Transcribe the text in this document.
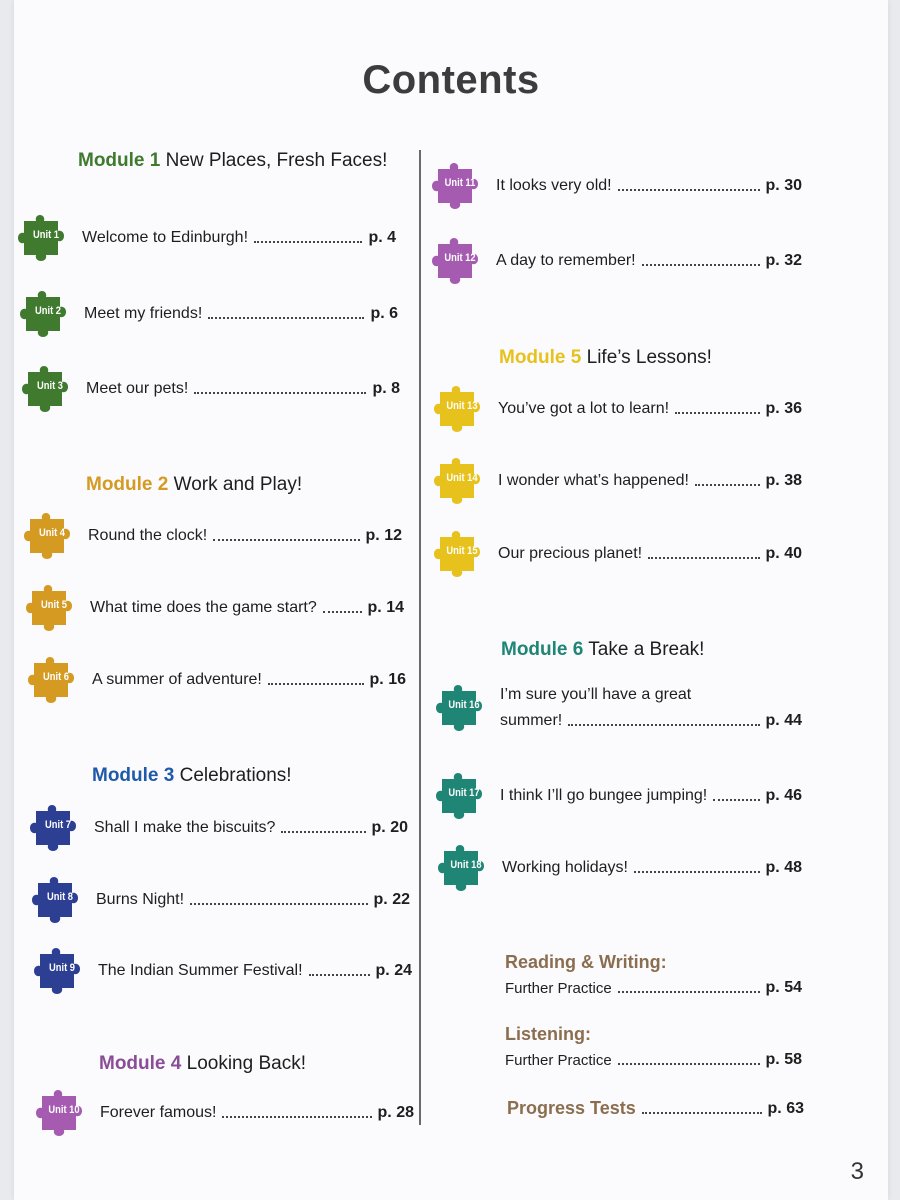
Contents
Module 1 New Places, Fresh Faces!
Module 2 Work and Play!
Module 3 Celebrations!
Module 4 Looking Back!
Module 5 Life’s Lessons!
Module 6 Take a Break!
Unit 1	Welcome to Edinburgh!	p. 4
Unit 2	Meet my friends!	p. 6
Unit 3	Meet our pets!	p. 8
Unit 4	Round the clock!	p. 12
Unit 5	What time does the game start?	p. 14
Unit 6	A summer of adventure!	p. 16
Unit 7	Shall I make the biscuits?	p. 20
Unit 8	Burns Night!	p. 22
Unit 9	The Indian Summer Festival!	p. 24
Unit 10	Forever famous!	p. 28
Unit 11	It looks very old!	p. 30
Unit 12	A day to remember!	p. 32
Unit 13	You’ve got a lot to learn!	p. 36
Unit 14	I wonder what’s happened!	p. 38
Unit 15	Our precious planet!	p. 40
Unit 16
I’m sure you’ll have a great
summer!	p. 44
Unit 17	I think I’ll go bungee jumping!	p. 46
Unit 18	Working holidays!	p. 48
Reading & Writing:
Further Practice	p. 54
Listening:
Further Practice	p. 58
Progress Tests	p. 63
3
